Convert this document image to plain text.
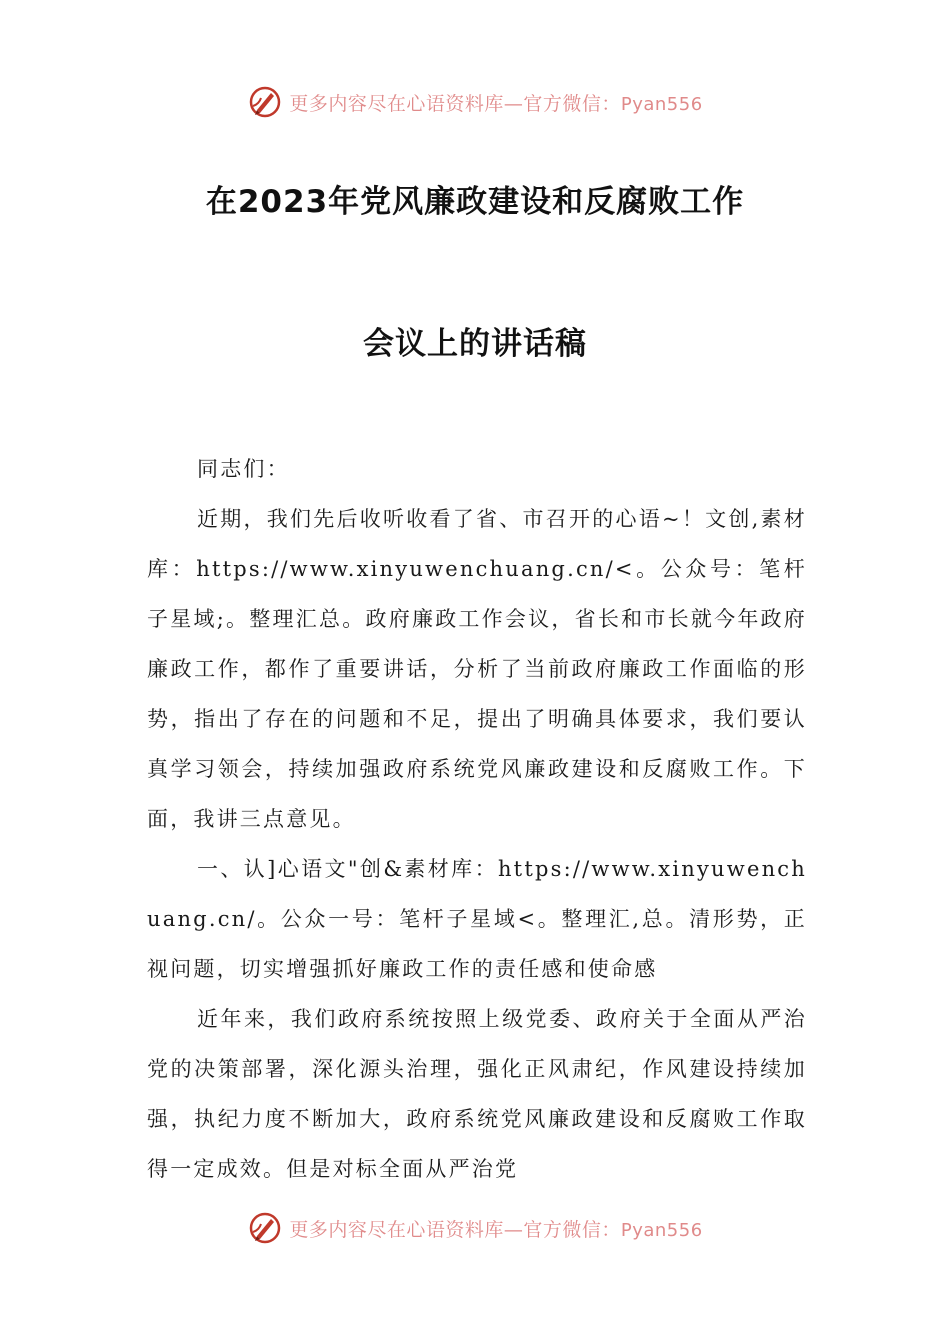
更多内容尽在心语资料库—官方微信：Pyan556
在2023年党风廉政建设和反腐败工作
会议上的讲话稿

同志们：

近期，我们先后收听收看了省、市召开的心语~！文创,素材库：https://www.xinyuwenchuang.cn/<。公众号：笔杆子星域;。整理汇总。政府廉政工作会议，省长和市长就今年政府廉政工作，都作了重要讲话，分析了当前政府廉政工作面临的形势，指出了存在的问题和不足，提出了明确具体要求，我们要认真学习领会，持续加强政府系统党风廉政建设和反腐败工作。下面，我讲三点意见。

一、认]心语文"创&素材库：https://www.xinyuwenchuang.cn/。公众一号：笔杆子星域<。整理汇,总。清形势，正视问题，切实增强抓好廉政工作的责任感和使命感

近年来，我们政府系统按照上级党委、政府关于全面从严治党的决策部署，深化源头治理，强化正风肃纪，作风建设持续加强，执纪力度不断加大，政府系统党风廉政建设和反腐败工作取得一定成效。但是对标全面从严治党

更多内容尽在心语资料库—官方微信：Pyan556
